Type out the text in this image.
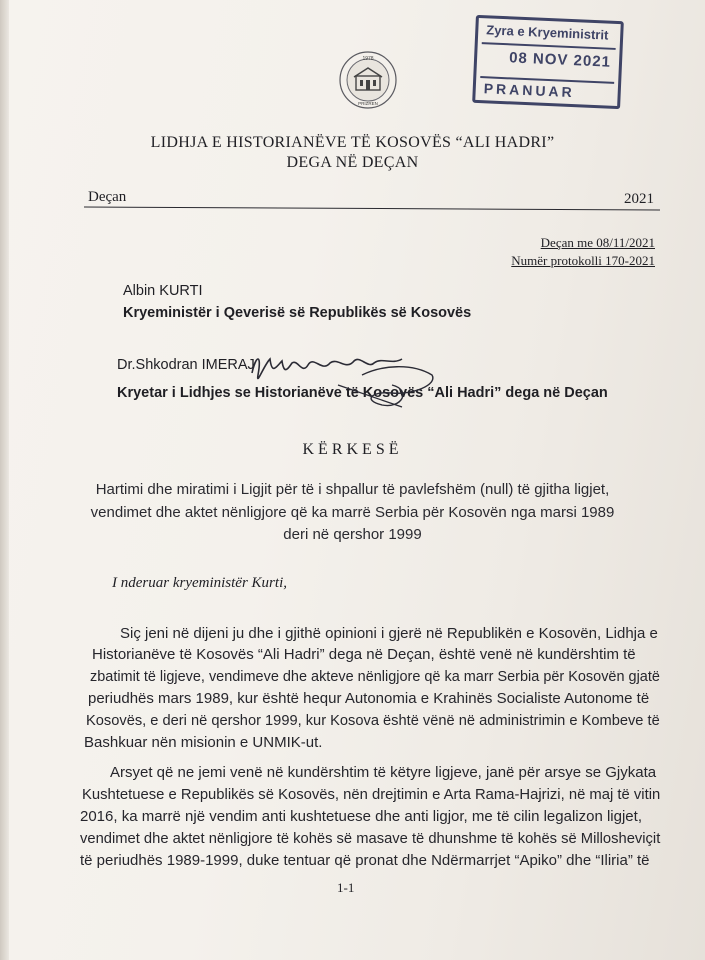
1978
PRIZREN
Zyra e Kryeministrit
08 NOV 2021
PRANUAR
LIDHJA E HISTORIANËVE TË KOSOVËS “ALI HADRI”
DEGA NË DEÇAN
Deçan	2021
Deçan me 08/11/2021
Numër protokolli 170-2021
Albin KURTI
Kryeministër i Qeverisë së Republikës së Kosovës
Dr.Shkodran IMERAJ
Kryetar i Lidhjes se Historianëve të Kosovës “Ali Hadri” dega në Deçan
KËRKESË
Hartimi dhe miratimi i Ligjit për të i shpallur të pavlefshëm (null) të gjitha ligjet,
vendimet dhe aktet nënligjore që ka marrë Serbia për Kosovën nga marsi 1989
deri në qershor 1999
I nderuar kryeministër Kurti,
Siç jeni në dijeni ju dhe i gjithë opinioni i gjerë në Republikën e Kosovën, Lidhja e
Historianëve të Kosovës “Ali Hadri” dega në Deçan, është venë në kundërshtim të
zbatimit të ligjeve, vendimeve dhe akteve nënligjore që ka marr Serbia për Kosovën gjatë
periudhës mars 1989, kur është hequr Autonomia e Krahinës Socialiste Autonome të
Kosovës, e deri në qershor 1999, kur Kosova është vënë në administrimin e Kombeve të
Bashkuar nën misionin e UNMIK-ut.
Arsyet që ne jemi venë në kundërshtim të këtyre ligjeve, janë për arsye se Gjykata
Kushtetuese e Republikës së Kosovës, nën drejtimin e Arta Rama-Hajrizi, në maj të vitin
2016, ka marrë një vendim anti kushtetuese dhe anti ligjor, me të cilin legalizon ligjet,
vendimet dhe aktet nënligjore të kohës së masave të dhunshme të kohës së Millosheviçit
të periudhës 1989-1999, duke tentuar që pronat dhe Ndërmarrjet “Apiko” dhe “Iliria” të
1-1
